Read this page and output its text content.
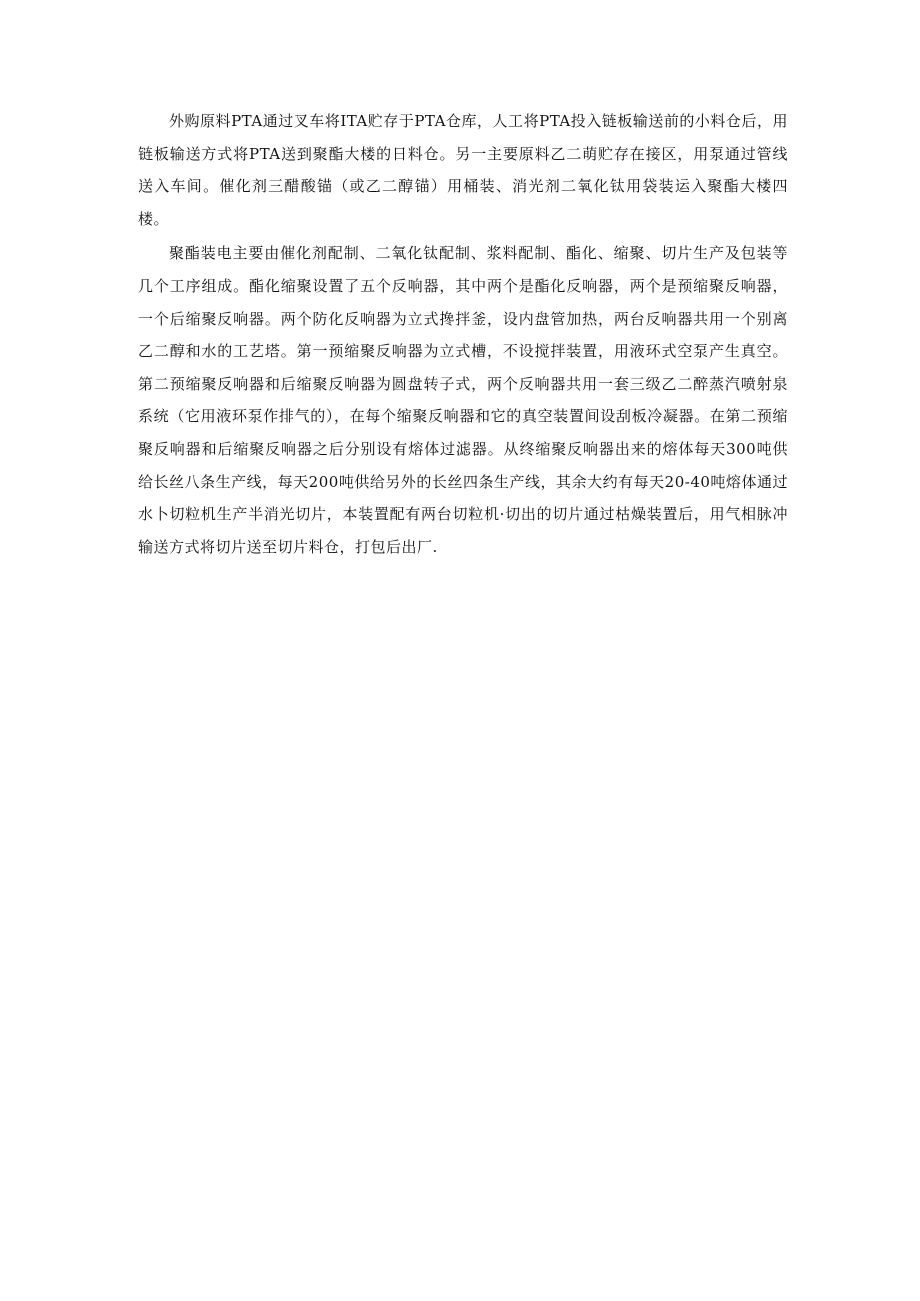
外购原料PTA通过叉车将ITA贮存于PTA仓库，人工将PTA投入链板输送前的小料仓后，用链板输送方式将PTA送到聚酯大楼的日料仓。另一主要原料乙二萌贮存在接区，用泵通过管线送入车间。催化剂三醋酸锚（或乙二醇锚）用桶装、消光剂二氧化钛用袋装运入聚酯大楼四楼。

聚酯装电主要由催化剂配制、二氧化钛配制、浆料配制、酯化、缩聚、切片生产及包装等几个工序组成。酯化缩聚设置了五个反响器，其中两个是酯化反响器，两个是预缩聚反响器，一个后缩聚反响器。两个防化反响器为立式搀拌釜，设内盘管加热，两台反响器共用一个别离乙二醇和水的工艺塔。第一预缩聚反响器为立式槽，不设搅拌装置，用液环式空泵产生真空。第二预缩聚反响器和后缩聚反响器为圆盘转子式，两个反响器共用一套三级乙二醉蒸汽喷射泉系统（它用液环泵作排气的），在每个缩聚反响器和它的真空装置间设刮板冷凝器。在第二预缩聚反响器和后缩聚反响器之后分别设有熔体过滤器。从终缩聚反响器出来的熔体每天300吨供给长丝八条生产线，每天200吨供给另外的长丝四条生产线，其余大约有每天20-40吨熔体通过水卜切粒机生产半消光切片，本装置配有两台切粒机·切出的切片通过枯燥装置后，用气相脉冲输送方式将切片送至切片料仓，打包后出厂.
